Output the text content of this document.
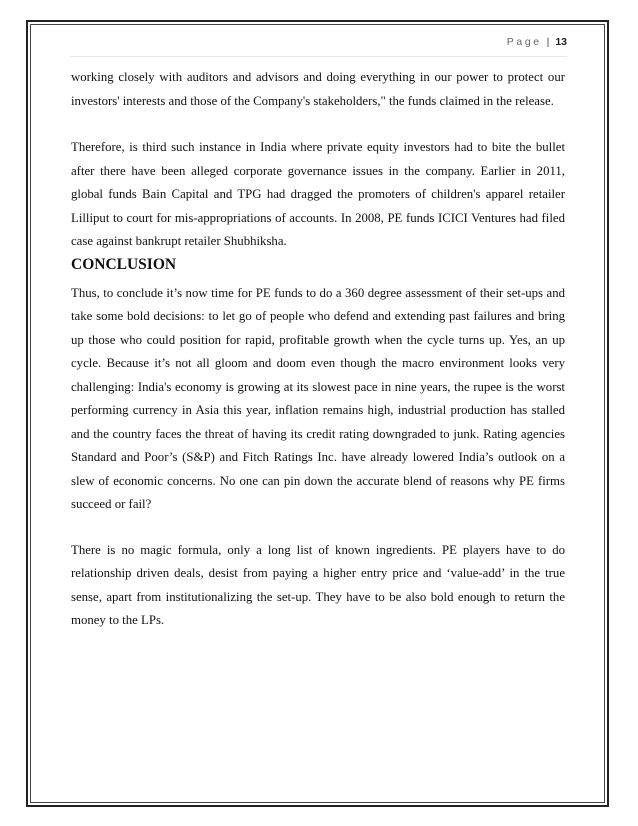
Page | 13

working closely with auditors and advisors and doing everything in our power to protect our investors' interests and those of the Company's stakeholders," the funds claimed in the release.

Therefore, is third such instance in India where private equity investors had to bite the bullet after there have been alleged corporate governance issues in the company. Earlier in 2011, global funds Bain Capital and TPG had dragged the promoters of children's apparel retailer Lilliput to court for mis-appropriations of accounts. In 2008, PE funds ICICI Ventures had filed case against bankrupt retailer Shubhiksha.

CONCLUSION

Thus, to conclude it’s now time for PE funds to do a 360 degree assessment of their set-ups and take some bold decisions: to let go of people who defend and extending past failures and bring up those who could position for rapid, profitable growth when the cycle turns up. Yes, an up cycle. Because it’s not all gloom and doom even though the macro environment looks very challenging: India's economy is growing at its slowest pace in nine years, the rupee is the worst performing currency in Asia this year, inflation remains high, industrial production has stalled and the country faces the threat of having its credit rating downgraded to junk. Rating agencies Standard and Poor’s (S&P) and Fitch Ratings Inc. have already lowered India’s outlook on a slew of economic concerns. No one can pin down the accurate blend of reasons why PE firms succeed or fail?

There is no magic formula, only a long list of known ingredients. PE players have to do relationship driven deals, desist from paying a higher entry price and ‘value-add’ in the true sense, apart from institutionalizing the set-up. They have to be also bold enough to return the money to the LPs.
